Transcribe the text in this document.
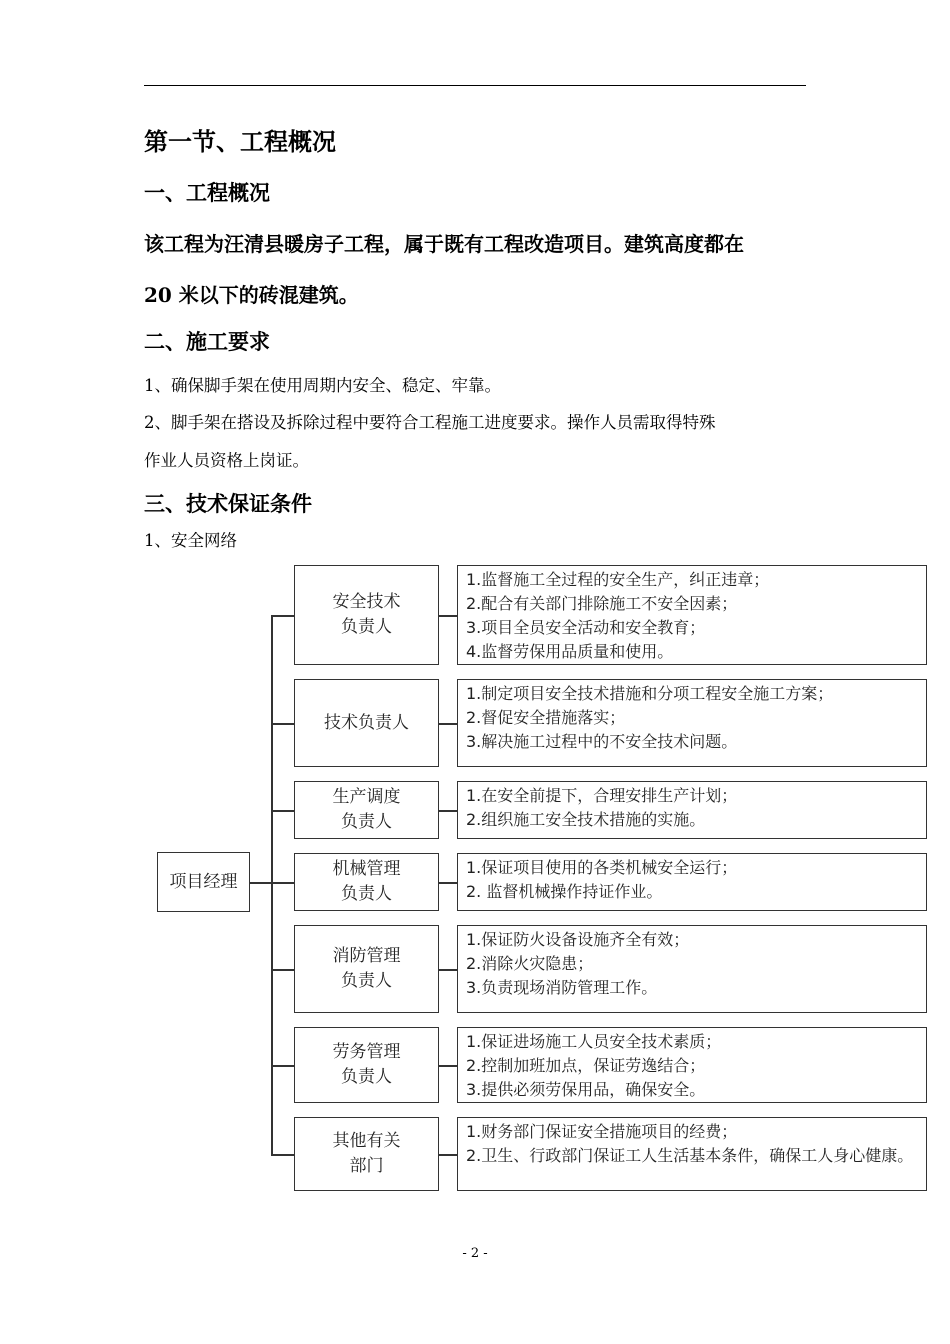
第一节、工程概况
一、工程概况
该工程为汪清县暖房子工程，属于既有工程改造项目。建筑高度都在
20 米以下的砖混建筑。
二、施工要求
1、确保脚手架在使用周期内安全、稳定、牢靠。
2、脚手架在搭设及拆除过程中要符合工程施工进度要求。操作人员需取得特殊
作业人员资格上岗证。
三、技术保证条件
1、安全网络
项目经理
安全技术
负责人
1.监督施工全过程的安全生产，纠正违章；
2.配合有关部门排除施工不安全因素；
3.项目全员安全活动和安全教育；
4.监督劳保用品质量和使用。
技术负责人
1.制定项目安全技术措施和分项工程安全施工方案；
2.督促安全措施落实；
3.解决施工过程中的不安全技术问题。
生产调度
负责人
1.在安全前提下，合理安排生产计划；
2.组织施工安全技术措施的实施。
机械管理
负责人
1.保证项目使用的各类机械安全运行；
2. 监督机械操作持证作业。
消防管理
负责人
1.保证防火设备设施齐全有效；
2.消除火灾隐患；
3.负责现场消防管理工作。
劳务管理
负责人
1.保证进场施工人员安全技术素质；
2.控制加班加点，保证劳逸结合；
3.提供必须劳保用品，确保安全。
其他有关
部门
1.财务部门保证安全措施项目的经费；
2.卫生、行政部门保证工人生活基本条件，确保工人身心健康。
- 2 -
